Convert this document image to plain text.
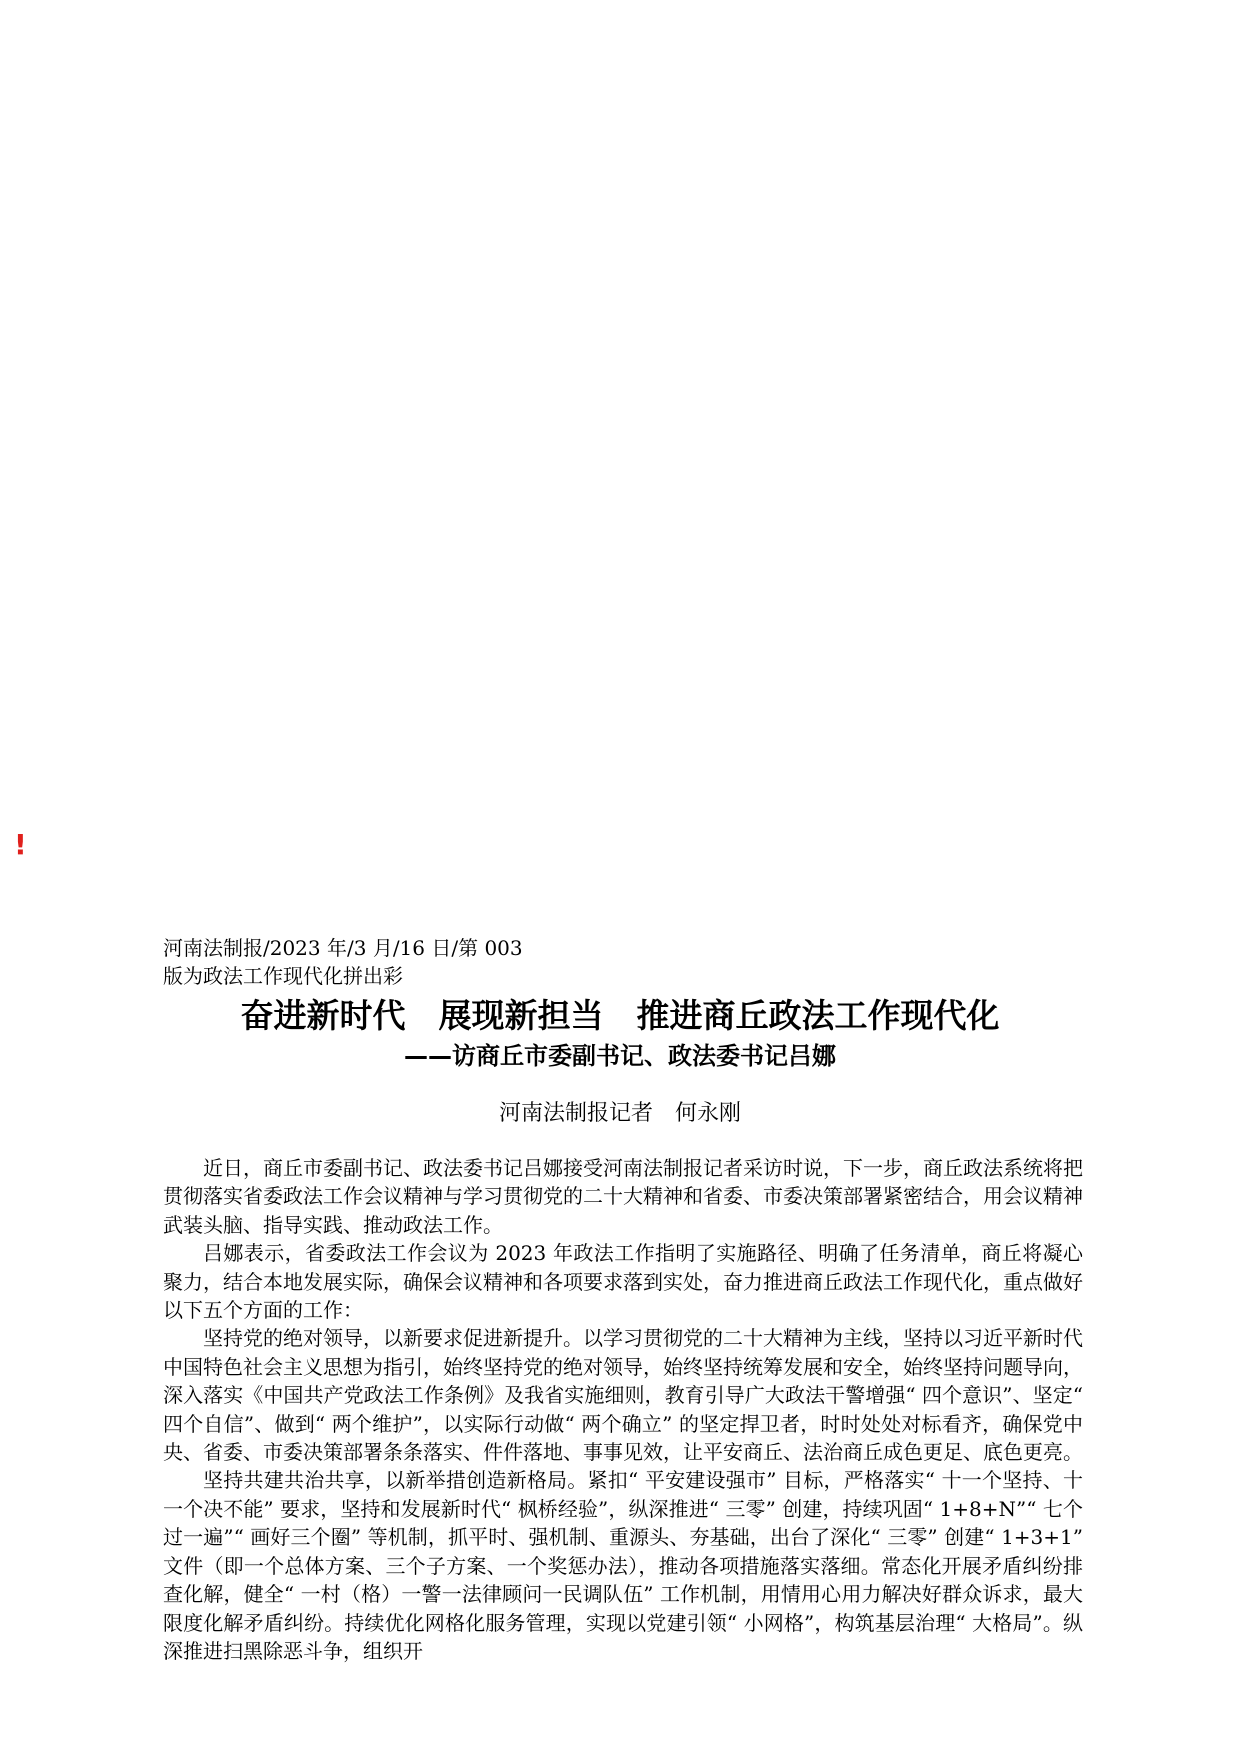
!
河南法制报/2023 年/3 月/16 日/第 003
版为政法工作现代化拼出彩
奋进新时代　展现新担当　推进商丘政法工作现代化
——访商丘市委副书记、政法委书记吕娜
河南法制报记者　何永刚

近日，商丘市委副书记、政法委书记吕娜接受河南法制报记者采访时说，下一步，商丘政法系统将把贯彻落实省委政法工作会议精神与学习贯彻党的二十大精神和省委、市委决策部署紧密结合，用会议精神武装头脑、指导实践、推动政法工作。

吕娜表示，省委政法工作会议为 2023 年政法工作指明了实施路径、明确了任务清单，商丘将凝心聚力，结合本地发展实际，确保会议精神和各项要求落到实处，奋力推进商丘政法工作现代化，重点做好以下五个方面的工作：

坚持党的绝对领导，以新要求促进新提升。以学习贯彻党的二十大精神为主线，坚持以习近平新时代中国特色社会主义思想为指引，始终坚持党的绝对领导，始终坚持统筹发展和安全，始终坚持问题导向，深入落实《中国共产党政法工作条例》及我省实施细则，教育引导广大政法干警增强“ 四个意识”、坚定“ 四个自信”、做到“ 两个维护”，以实际行动做“ 两个确立” 的坚定捍卫者，时时处处对标看齐，确保党中央、省委、市委决策部署条条落实、件件落地、事事见效，让平安商丘、法治商丘成色更足、底色更亮。

坚持共建共治共享，以新举措创造新格局。紧扣“ 平安建设强市” 目标，严格落实“ 十一个坚持、十一个决不能” 要求，坚持和发展新时代“ 枫桥经验”，纵深推进“ 三零” 创建，持续巩固“ 1+8+N”“ 七个过一遍”“ 画好三个圈” 等机制，抓平时、强机制、重源头、夯基础，出台了深化“ 三零” 创建“ 1+3+1” 文件（即一个总体方案、三个子方案、一个奖惩办法），推动各项措施落实落细。常态化开展矛盾纠纷排查化解，健全“ 一村（格）一警一法律顾问一民调队伍” 工作机制，用情用心用力解决好群众诉求，最大限度化解矛盾纠纷。持续优化网格化服务管理，实现以党建引领“ 小网格”，构筑基层治理“ 大格局”。纵深推进扫黑除恶斗争，组织开
